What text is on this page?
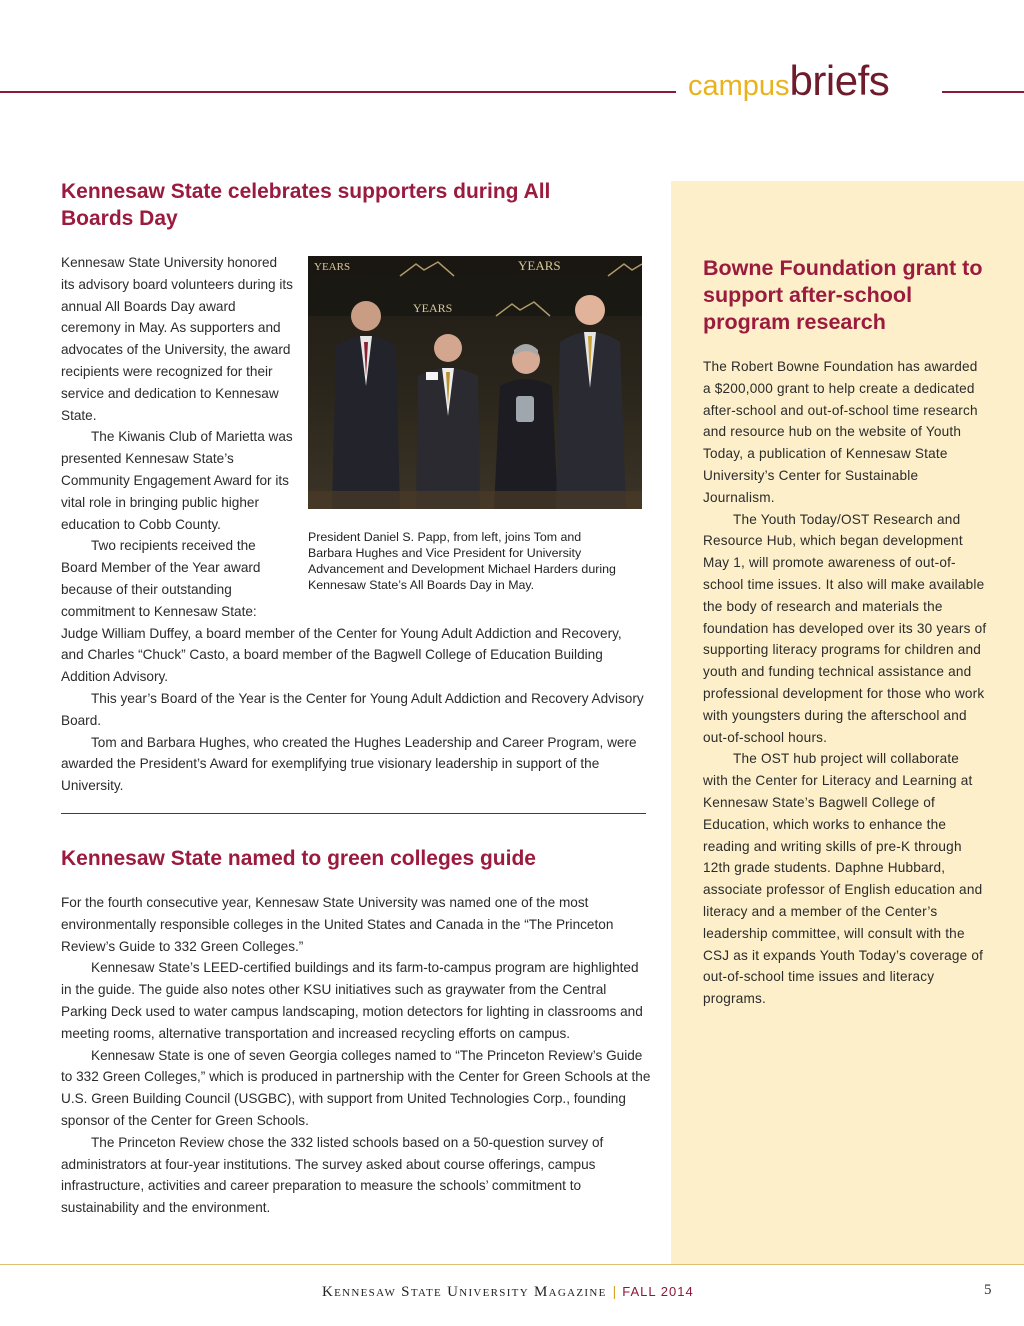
campusbriefs
Kennesaw State celebrates supporters during All Boards Day
YEARS
YEARS
YEARS
President Daniel S. Papp, from left, joins Tom and Barbara Hughes and Vice President for University Advancement and Development Michael Harders during Kennesaw State’s All Boards Day in May.

Kennesaw State University honored its advisory board volunteers during its annual All Boards Day award ceremony in May. As supporters and advocates of the University, the award recipients were recognized for their service and dedication to Kennesaw State.

The Kiwanis Club of Marietta was presented Kennesaw State’s Community Engagement Award for its vital role in bringing public higher education to Cobb County.

Two recipients received the Board Member of the Year award because of their outstanding commitment to Kennesaw State: Judge William Duffey, a board member of the Center for Young Adult Addiction and Recovery, and Charles “Chuck” Casto, a board member of the Bagwell College of Education Building Addition Advisory.

This year’s Board of the Year is the Center for Young Adult Addiction and Recovery Advisory Board.

Tom and Barbara Hughes, who created the Hughes Leadership and Career Program, were awarded the President’s Award for exemplifying true visionary leadership in support of the University.

Kennesaw State named to green colleges guide

For the fourth consecutive year, Kennesaw State University was named one of the most environmentally responsible colleges in the United States and Canada in the “The Princeton Review’s Guide to 332 Green Colleges.”

Kennesaw State’s LEED-certified buildings and its farm-to-campus program are highlighted in the guide. The guide also notes other KSU initiatives such as graywater from the Central Parking Deck used to water campus landscaping, motion detectors for lighting in classrooms and meeting rooms, alternative transportation and increased recycling efforts on campus.

Kennesaw State is one of seven Georgia colleges named to “The Princeton Review’s Guide to 332 Green Colleges,” which is produced in partnership with the Center for Green Schools at the U.S. Green Building Council (USGBC), with support from United Technologies Corp., founding sponsor of the Center for Green Schools.

The Princeton Review chose the 332 listed schools based on a 50-question survey of administrators at four-year institutions. The survey asked about course offerings, campus infrastructure, activities and career preparation to measure the schools’ commitment to sustainability and the environment.

Bowne Foundation grant to support after-school program research

The Robert Bowne Foundation has awarded a $200,000 grant to help create a dedicated after-school and out-of-school time research and resource hub on the website of Youth Today, a publication of Kennesaw State University’s Center for Sustainable Journalism.

The Youth Today/OST Research and Resource Hub, which began development May 1, will promote awareness of out-of-school time issues. It also will make available the body of research and materials the foundation has developed over its 30 years of supporting literacy programs for children and youth and funding technical assistance and professional development for those who work with youngsters during the afterschool and out-of-school hours.

The OST hub project will collaborate with the Center for Literacy and Learning at Kennesaw State’s Bagwell College of Education, which works to enhance the reading and writing skills of pre-K through 12th grade students. Daphne Hubbard, associate professor of English education and literacy and a member of the Center’s leadership committee, will consult with the CSJ as it expands Youth Today’s coverage of out-of-school time issues and literacy programs.

Kennesaw State University Magazine | FALL 2014	5
